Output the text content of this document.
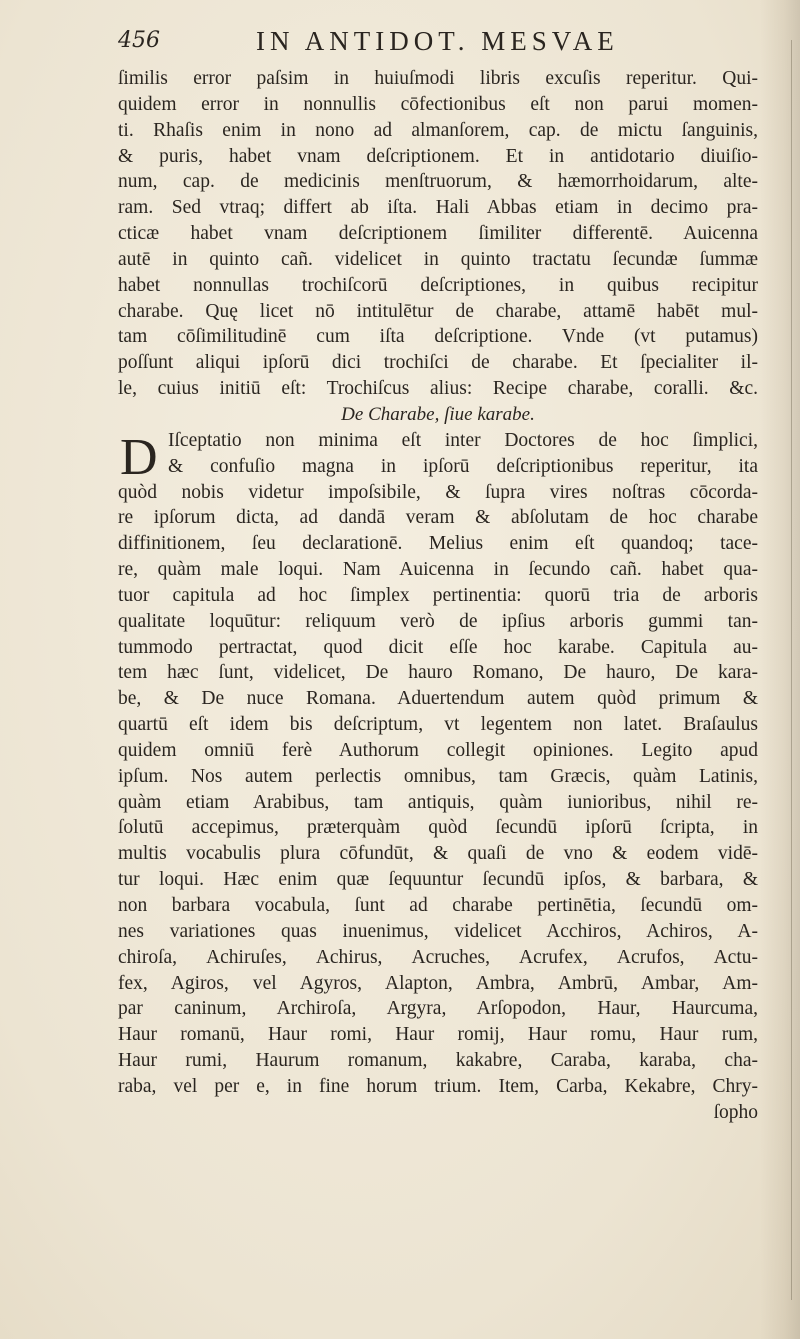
456	IN ANTIDOT. MESVAE
ſimilis error paſsim in huiuſmodi libris excuſis reperitur. Qui-
quidem error in nonnullis cōfectionibus eſt non parui momen-
ti. Rhaſis enim in nono ad almanſorem, cap. de mictu ſanguinis,
& puris, habet vnam deſcriptionem. Et in antidotario diuiſio-
num, cap. de medicinis menſtruorum, & hæmorrhoidarum, alte-
ram. Sed vtraq; differt ab iſta. Hali Abbas etiam in decimo pra-
cticæ habet vnam deſcriptionem ſimiliter differentē. Auicenna
autē in quinto cañ. videlicet in quinto tractatu ſecundæ ſummæ
habet nonnullas trochiſcorū deſcriptiones, in quibus recipitur
charabe. Quę licet nō intitulētur de charabe, attamē habēt mul-
tam cōſimilitudinē cum iſta deſcriptione. Vnde (vt putamus)
poſſunt aliqui ipſorū dici trochiſci de charabe. Et ſpecialiter il-
le, cuius initiū eſt: Trochiſcus alius: Recipe charabe, coralli. &c.
De Charabe, ſiue karabe.
D Iſceptatio non minima eſt inter Doctores de hoc ſimplici,
& confuſio magna in ipſorū deſcriptionibus reperitur, ita
quòd nobis videtur impoſsibile, & ſupra vires noſtras cōcorda-
re ipſorum dicta, ad dandā veram & abſolutam de hoc charabe
diffinitionem, ſeu declarationē. Melius enim eſt quandoq; tace-
re, quàm male loqui. Nam Auicenna in ſecundo cañ. habet qua-
tuor capitula ad hoc ſimplex pertinentia: quorū tria de arboris
qualitate loquūtur: reliquum verò de ipſius arboris gummi tan-
tummodo pertractat, quod dicit eſſe hoc karabe. Capitula au-
tem hæc ſunt, videlicet, De hauro Romano, De hauro, De kara-
be, & De nuce Romana. Aduertendum autem quòd primum &
quartū eſt idem bis deſcriptum, vt legentem non latet. Braſaulus
quidem omniū ferè Authorum collegit opiniones. Legito apud
ipſum. Nos autem perlectis omnibus, tam Græcis, quàm Latinis,
quàm etiam Arabibus, tam antiquis, quàm iunioribus, nihil re-
ſolutū accepimus, præterquàm quòd ſecundū ipſorū ſcripta, in
multis vocabulis plura cōfundūt, & quaſi de vno & eodem vidē-
tur loqui. Hæc enim quæ ſequuntur ſecundū ipſos, & barbara, &
non barbara vocabula, ſunt ad charabe pertinētia, ſecundū om-
nes variationes quas inuenimus, videlicet Acchiros, Achiros, A-
chiroſa, Achiruſes, Achirus, Acruches, Acrufex, Acrufos, Actu-
fex, Agiros, vel Agyros, Alapton, Ambra, Ambrū, Ambar, Am-
par caninum, Archiroſa, Argyra, Arſopodon, Haur, Haurcuma,
Haur romanū, Haur romi, Haur romij, Haur romu, Haur rum,
Haur rumi, Haurum romanum, kakabre, Caraba, karaba, cha-
raba, vel per e, in fine horum trium. Item, Carba, Kekabre, Chry-
ſopho
